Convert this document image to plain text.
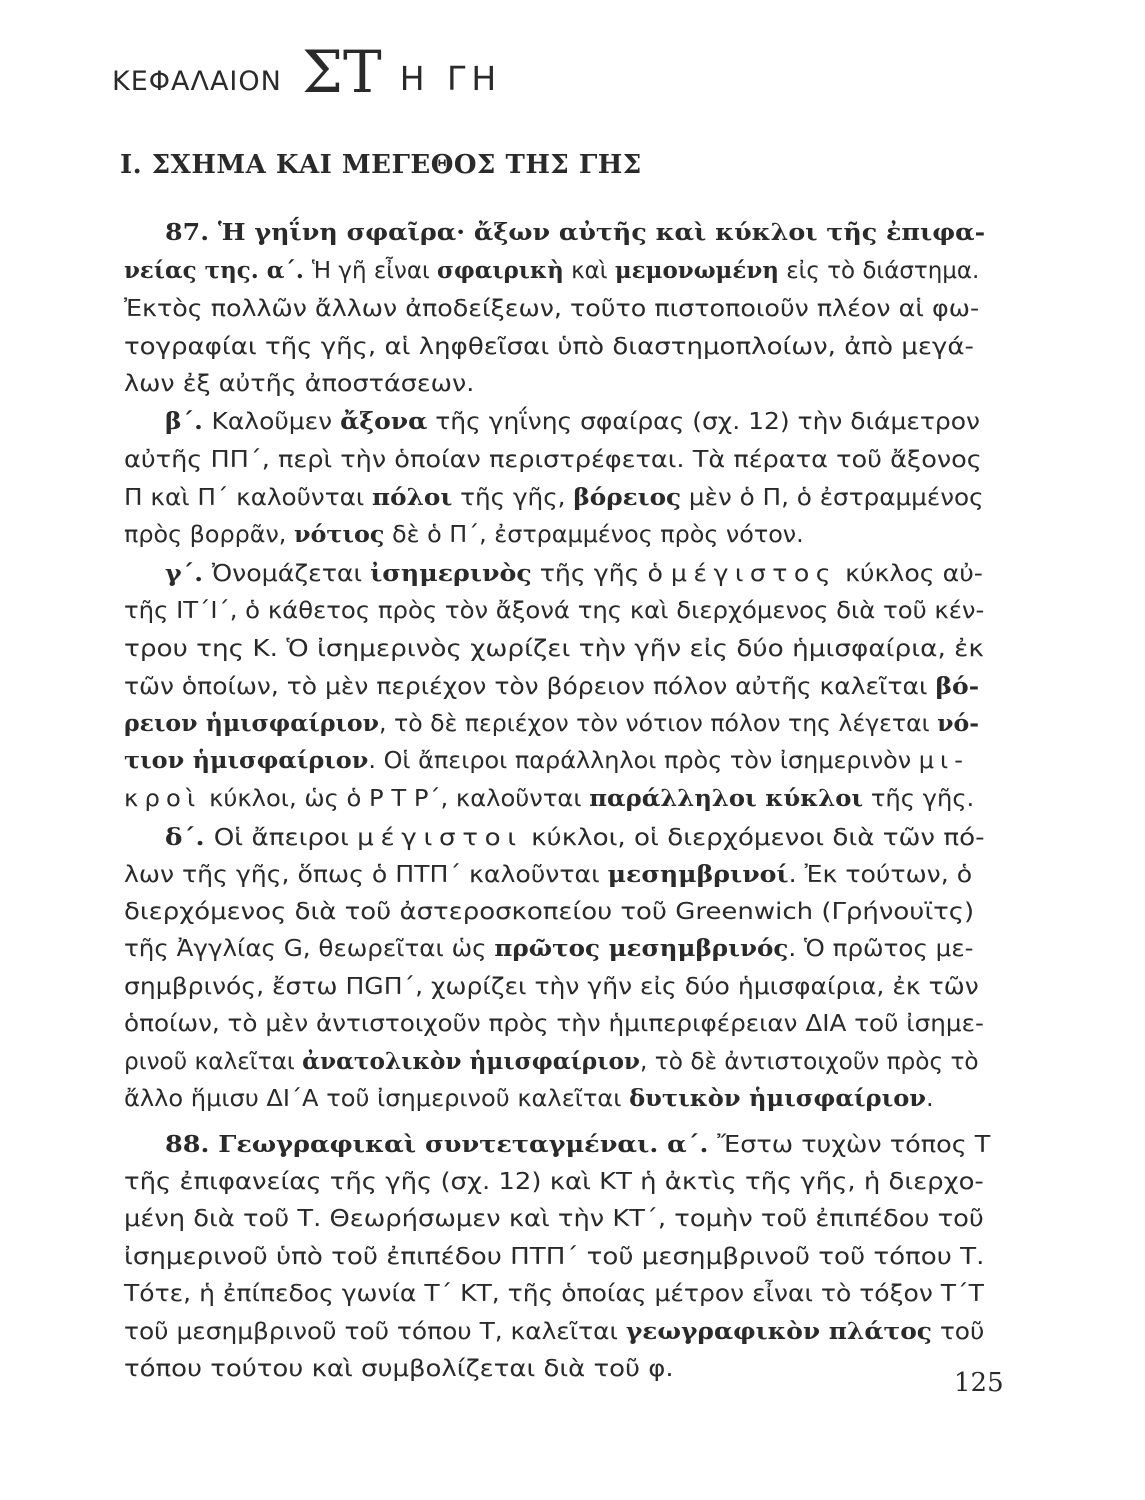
ΚΕΦΑΛΑΙΟΝ ΣΤ Η ΓΗ
Ι. ΣΧΗΜΑ ΚΑΙ ΜΕΓΕΘΟΣ ΤΗΣ ΓΗΣ
87. Ἡ γηΐνη σφαῖρα· ἄξων αὐτῆς καὶ κύκλοι τῆς ἐπιφα-
νείας της. α΄. Ἡ γῆ εἶναι σφαιρικὴ καὶ μεμονωμένη εἰς τὸ διάστημα.
Ἐκτὸς πολλῶν ἄλλων ἀποδείξεων, τοῦτο πιστοποιοῦν πλέον αἱ φω-
τογραφίαι τῆς γῆς, αἱ ληφθεῖσαι ὑπὸ διαστημοπλοίων, ἀπὸ μεγά-
λων ἐξ αὐτῆς ἀποστάσεων.
β΄. Καλοῦμεν ἄξονα τῆς γηΐνης σφαίρας (σχ. 12) τὴν διάμετρον
αὐτῆς ΠΠ΄, περὶ τὴν ὁποίαν περιστρέφεται. Τὰ πέρατα τοῦ ἄξονος
Π καὶ Π΄ καλοῦνται πόλοι τῆς γῆς, βόρειος μὲν ὁ Π, ὁ ἐστραμμένος
πρὸς βορρᾶν, νότιος δὲ ὁ Π΄, ἐστραμμένος πρὸς νότον.
γ΄. Ὀνομάζεται ἰσημερινὸς τῆς γῆς ὁ μέγιστος κύκλος αὐ-
τῆς ΙΤ΄Ι΄, ὁ κάθετος πρὸς τὸν ἄξονά της καὶ διερχόμενος διὰ τοῦ κέν-
τρου της Κ. Ὁ ἰσημερινὸς χωρίζει τὴν γῆν εἰς δύο ἡμισφαίρια, ἐκ
τῶν ὁποίων, τὸ μὲν περιέχον τὸν βόρειον πόλον αὐτῆς καλεῖται βό-
ρειον ἡμισφαίριον, τὸ δὲ περιέχον τὸν νότιον πόλον της λέγεται νό-
τιον ἡμισφαίριον. Οἱ ἄπειροι παράλληλοι πρὸς τὸν ἰσημερινὸν μι-
κροὶ κύκλοι, ὡς ὁ Ρ Τ Ρ΄, καλοῦνται παράλληλοι κύκλοι τῆς γῆς.
δ΄. Οἱ ἄπειροι μέγιστοι κύκλοι, οἱ διερχόμενοι διὰ τῶν πό-
λων τῆς γῆς, ὅπως ὁ ΠΤΠ΄ καλοῦνται μεσημβρινοί. Ἐκ τούτων, ὁ
διερχόμενος διὰ τοῦ ἀστεροσκοπείου τοῦ Greenwich (Γρήνουϊτς)
τῆς Ἀγγλίας G, θεωρεῖται ὡς πρῶτος μεσημβρινός. Ὁ πρῶτος με-
σημβρινός, ἔστω ΠGΠ΄, χωρίζει τὴν γῆν εἰς δύο ἡμισφαίρια, ἐκ τῶν
ὁποίων, τὸ μὲν ἀντιστοιχοῦν πρὸς τὴν ἡμιπεριφέρειαν ΔΙΑ τοῦ ἰσημε-
ρινοῦ καλεῖται ἀνατολικὸν ἡμισφαίριον, τὸ δὲ ἀντιστοιχοῦν πρὸς τὸ
ἄλλο ἥμισυ ΔΙ΄Α τοῦ ἰσημερινοῦ καλεῖται δυτικὸν ἡμισφαίριον.
88. Γεωγραφικαὶ συντεταγμέναι. α΄. Ἔστω τυχὼν τόπος Τ
τῆς ἐπιφανείας τῆς γῆς (σχ. 12) καὶ ΚΤ ἡ ἀκτὶς τῆς γῆς, ἡ διερχο-
μένη διὰ τοῦ Τ. Θεωρήσωμεν καὶ τὴν ΚΤ΄, τομὴν τοῦ ἐπιπέδου τοῦ
ἰσημερινοῦ ὑπὸ τοῦ ἐπιπέδου ΠΤΠ΄ τοῦ μεσημβρινοῦ τοῦ τόπου Τ.
Τότε, ἡ ἐπίπεδος γωνία Τ΄ ΚΤ, τῆς ὁποίας μέτρον εἶναι τὸ τόξον Τ΄Τ
τοῦ μεσημβρινοῦ τοῦ τόπου Τ, καλεῖται γεωγραφικὸν πλάτος τοῦ
τόπου τούτου καὶ συμβολίζεται διὰ τοῦ φ.	125
